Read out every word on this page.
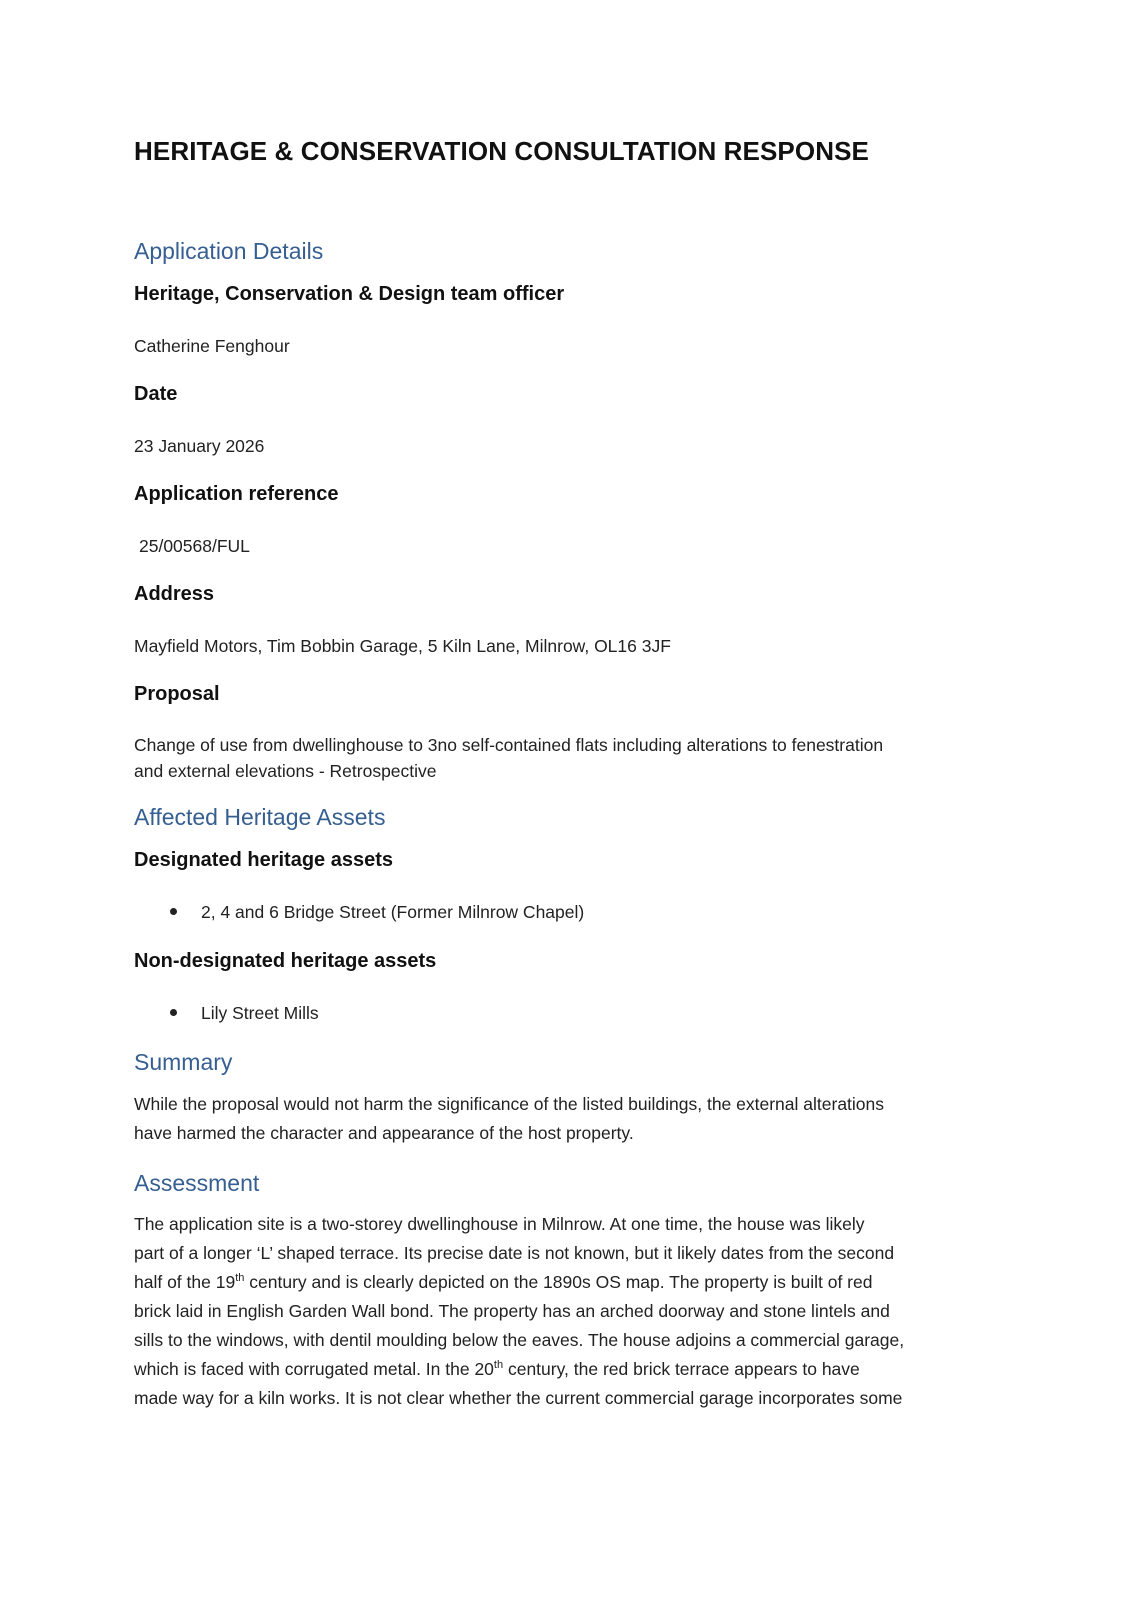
HERITAGE & CONSERVATION CONSULTATION RESPONSE
Application Details
Heritage, Conservation & Design team officer

Catherine Fenghour

Date

23 January 2026

Application reference

25/00568/FUL

Address

Mayfield Motors, Tim Bobbin Garage, 5 Kiln Lane, Milnrow, OL16 3JF

Proposal

Change of use from dwellinghouse to 3no self-contained flats including alterations to fenestration

and external elevations - Retrospective

Affected Heritage Assets
Designated heritage assets

2, 4 and 6 Bridge Street (Former Milnrow Chapel)

Non-designated heritage assets

Lily Street Mills

Summary

While the proposal would not harm the significance of the listed buildings, the external alterations

have harmed the character and appearance of the host property.

Assessment

The application site is a two-storey dwellinghouse in Milnrow. At one time, the house was likely

part of a longer ‘L’ shaped terrace. Its precise date is not known, but it likely dates from the second

half of the 19th century and is clearly depicted on the 1890s OS map. The property is built of red

brick laid in English Garden Wall bond. The property has an arched doorway and stone lintels and

sills to the windows, with dentil moulding below the eaves. The house adjoins a commercial garage,

which is faced with corrugated metal. In the 20th century, the red brick terrace appears to have

made way for a kiln works. It is not clear whether the current commercial garage incorporates some
